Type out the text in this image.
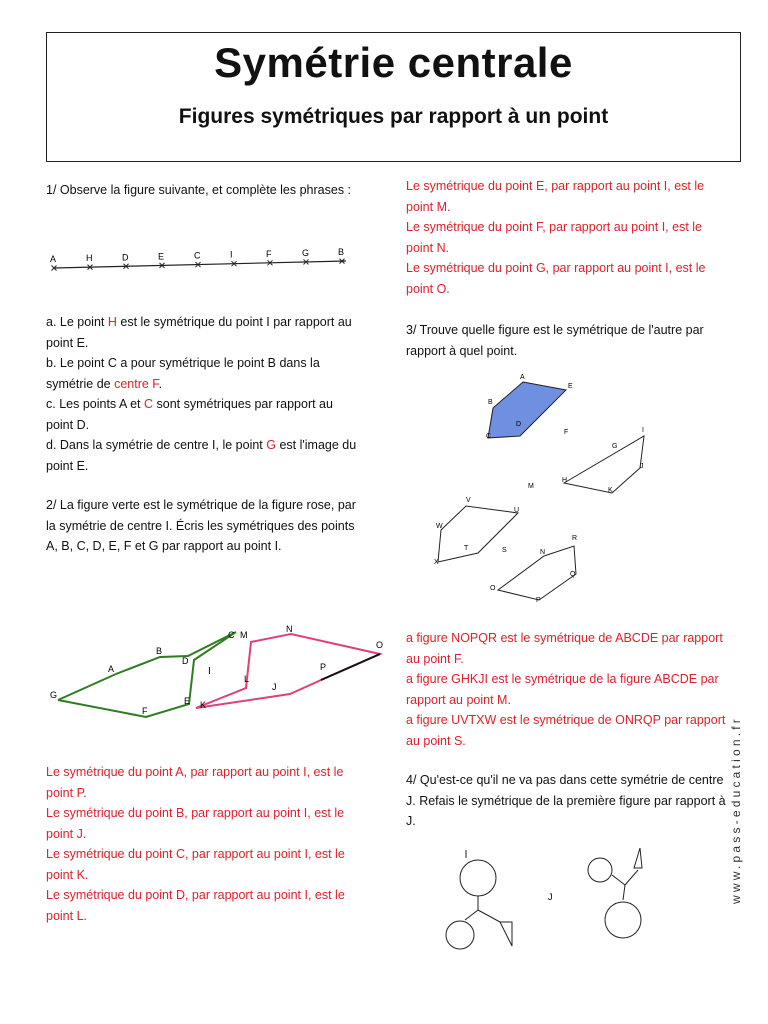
Symétrie centrale
Figures symétriques par rapport à un point

1/ Observe la figure suivante, et complète les phrases :

A	H	D	E	C	I	F	G	B

a. Le point H est le symétrique du point I par rapport au point E.

b. Le point C a pour symétrique le point B dans la symétrie de centre F.

c. Les points A et C sont symétriques par rapport au point D.

d. Dans la symétrie de centre I, le point G est l'image du point E.

2/ La figure verte est le symétrique de la figure rose, par la symétrie de centre I. Écris les symétriques des points A, B, C, D, E, F et G par rapport au point I.

I
G
A
B
D
C
F
E
M
N
O
P
J
L
K

Le symétrique du point A, par rapport au point I, est le point P.

Le symétrique du point B, par rapport au point I, est le point J.

Le symétrique du point C, par rapport au point I, est le point K.

Le symétrique du point D, par rapport au point I, est le point L.

Le symétrique du point E, par rapport au point I, est le point M.

Le symétrique du point F, par rapport au point I, est le point N.

Le symétrique du point G, par rapport au point I, est le point O.

3/ Trouve quelle figure est le symétrique de l'autre par rapport à quel point.

A
B
C
D
E
F
G
H
I
J
K
M
V
U
W
T
X
S	N
R
Q
O
P

a figure NOPQR est le symétrique de ABCDE par rapport au point F.

a figure GHKJI est le symétrique de la figure ABCDE par rapport au point M.

a figure UVTXW est le symétrique de ONRQP par rapport au point S.

4/ Qu'est-ce qu'il ne va pas dans cette symétrie de centre J. Refais le symétrique de la première figure par rapport à J.

J	www.pass-education.fr
